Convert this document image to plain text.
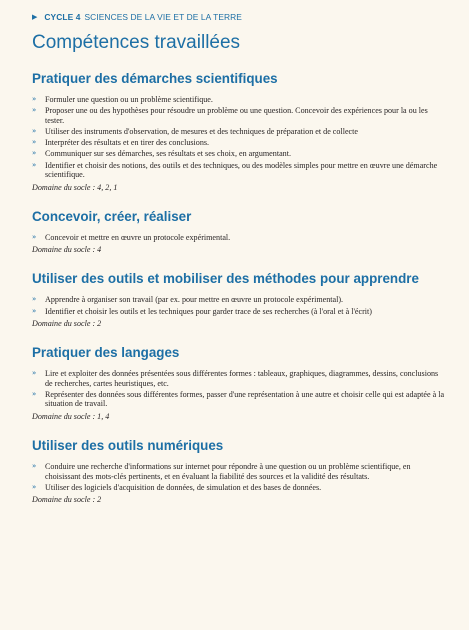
▶ CYCLE 4 SCIENCES DE LA VIE ET DE LA TERRE
Compétences travaillées
Pratiquer des démarches scientifiques
» Formuler une question ou un problème scientifique.
» Proposer une ou des hypothèses pour résoudre un problème ou une question. Concevoir des expériences pour la ou les tester.
» Utiliser des instruments d'observation, de mesures et des techniques de préparation et de collecte
» Interpréter des résultats et en tirer des conclusions.
» Communiquer sur ses démarches, ses résultats et ses choix, en argumentant.
» Identifier et choisir des notions, des outils et des techniques, ou des modèles simples pour mettre en œuvre une démarche scientifique.

Domaine du socle : 4, 2, 1

Concevoir, créer, réaliser
» Concevoir et mettre en œuvre un protocole expérimental.

Domaine du socle : 4

Utiliser des outils et mobiliser des méthodes pour apprendre
» Apprendre à organiser son travail (par ex. pour mettre en œuvre un protocole expérimental).
» Identifier et choisir les outils et les techniques pour garder trace de ses recherches (à l'oral et à l'écrit)

Domaine du socle : 2

Pratiquer des langages
» Lire et exploiter des données présentées sous différentes formes : tableaux, graphiques, diagrammes, dessins, conclusions de recherches, cartes heuristiques, etc.
» Représenter des données sous différentes formes, passer d'une représentation à une autre et choisir celle qui est adaptée à la situation de travail.

Domaine du socle : 1, 4

Utiliser des outils numériques
» Conduire une recherche d'informations sur internet pour répondre à une question ou un problème scientifique, en choisissant des mots-clés pertinents, et en évaluant la fiabilité des sources et la validité des résultats.
» Utiliser des logiciels d'acquisition de données, de simulation et des bases de données.

Domaine du socle : 2
